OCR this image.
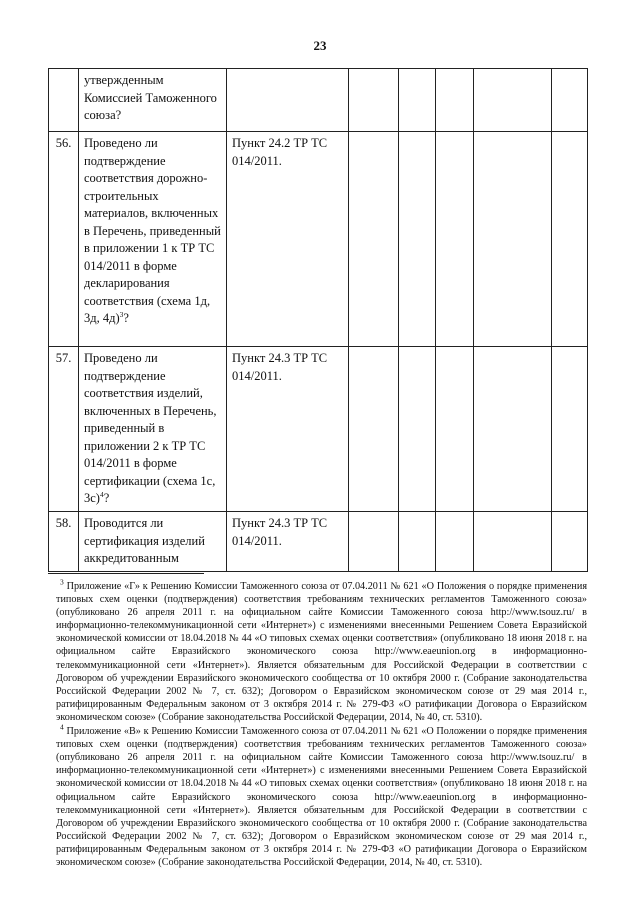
23
	утвержденным Комиссией Таможенного союза?						
56.	Проведено ли подтверждение соответствия дорожно-строительных материалов, включенных в Перечень, приведенный в приложении 1 к ТР ТС 014/2011 в форме декларирования соответствия (схема 1д, 3д, 4д)$^3$?	Пункт 24.2 ТР ТС 014/2011.					
57.	Проведено ли подтверждение соответствия изделий, включенных в Перечень, приведенный в приложении 2 к ТР ТС 014/2011 в форме сертификации (схема 1с, 3с)$^4$?	Пункт 24.3 ТР ТС 014/2011.					
58.	Проводится ли сертификация изделий аккредитованным	Пункт 24.3 ТР ТС 014/2011.					

$^3$ Приложение «Г» к Решению Комиссии Таможенного союза от 07.04.2011 № 621 «О Положения о порядке применения типовых схем оценки (подтверждения) соответствия требованиям технических регламентов Таможенного союза» (опубликовано 26 апреля 2011 г. на официальном сайте Комиссии Таможенного союза http://www.tsouz.ru/ в информационно-телекоммуникационной сети «Интернет») с изменениями внесенными Решением Совета Евразийской экономической комиссии от 18.04.2018 № 44 «О типовых схемах оценки соответствия» (опубликовано 18 июня 2018 г. на официальном сайте Евразийского экономического союза http://www.eaeunion.org в информационно-телекоммуникационной сети «Интернет»). Является обязательным для Российской Федерации в соответствии с Договором об учреждении Евразийского экономического сообщества от 10 октября 2000 г. (Собрание законодательства Российской Федерации 2002 № 7, ст. 632); Договором о Евразийском экономическом союзе от 29 мая 2014 г., ратифицированным Федеральным законом от 3 октября 2014 г. № 279-ФЗ «О ратификации Договора о Евразийском экономическом союзе» (Собрание законодательства Российской Федерации, 2014, № 40, ст. 5310).

$^4$ Приложение «В» к Решению Комиссии Таможенного союза от 07.04.2011 № 621 «О Положении о порядке применения типовых схем оценки (подтверждения) соответствия требованиям технических регламентов Таможенного союза» (опубликовано 26 апреля 2011 г. на официальном сайте Комиссии Таможенного союза http://www.tsouz.ru/ в информационно-телекоммуникационной сети «Интернет») с изменениями внесенными Решением Совета Евразийской экономической комиссии от 18.04.2018 № 44 «О типовых схемах оценки соответствия» (опубликовано 18 июня 2018 г. на официальном сайте Евразийского экономического союза http://www.eaeunion.org в информационно-телекоммуникационной сети «Интернет»). Является обязательным для Российской Федерации в соответствии с Договором об учреждении Евразийского экономического сообщества от 10 октября 2000 г. (Собрание законодательства Российской Федерации 2002 № 7, ст. 632); Договором о Евразийском экономическом союзе от 29 мая 2014 г., ратифицированным Федеральным законом от 3 октября 2014 г. № 279-ФЗ «О ратификации Договора о Евразийском экономическом союзе» (Собрание законодательства Российской Федерации, 2014, № 40, ст. 5310).
